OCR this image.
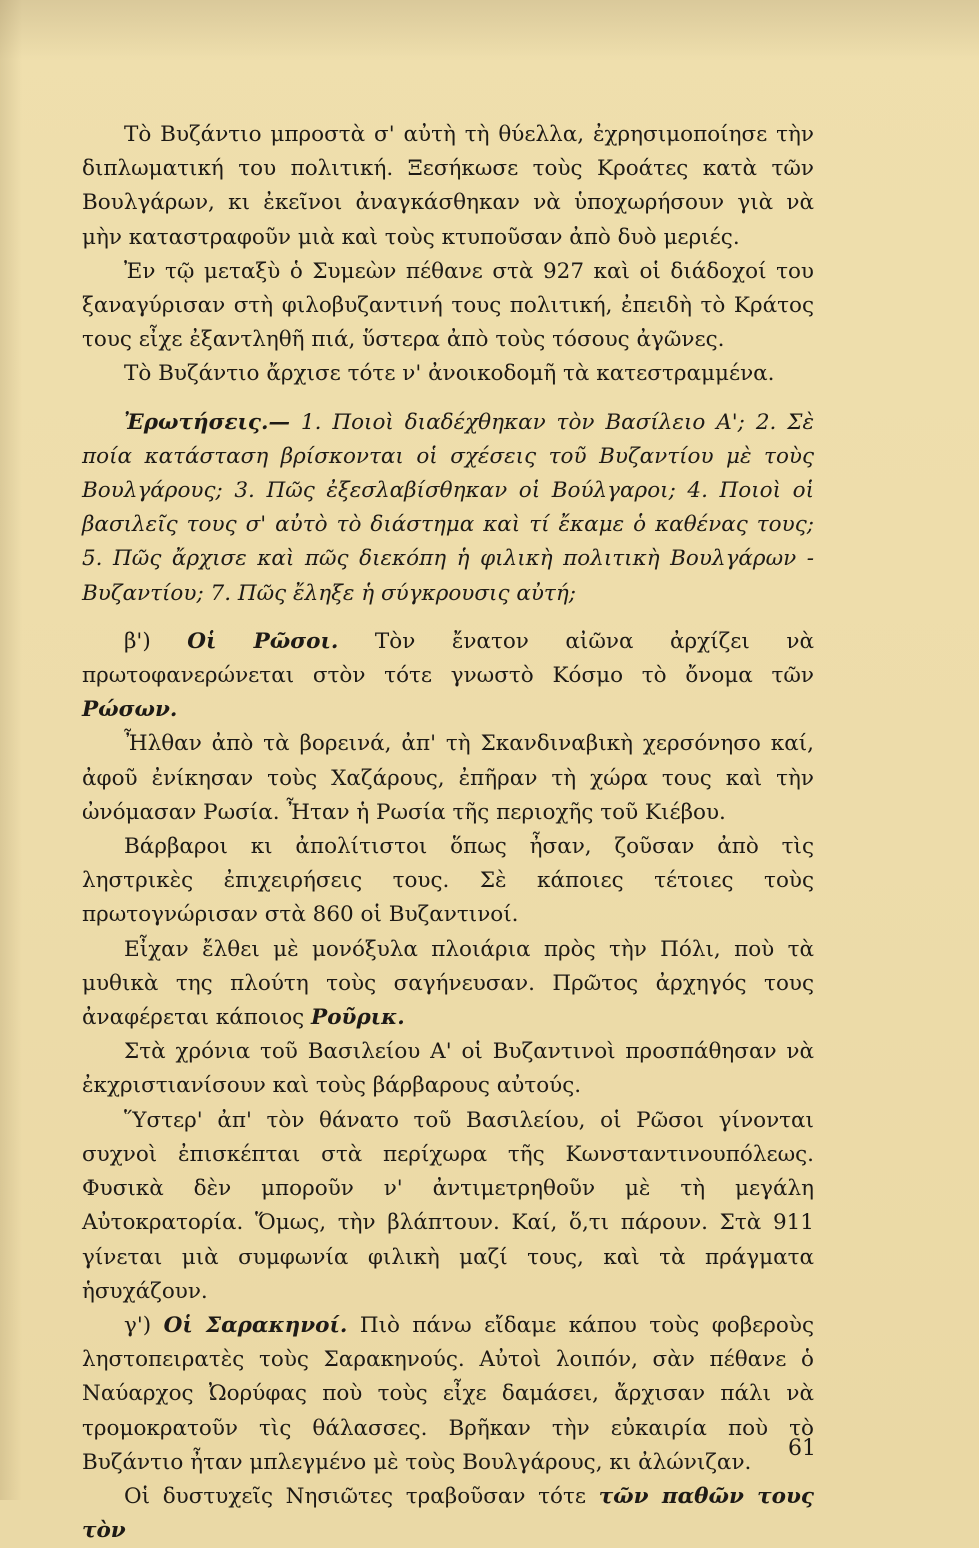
Τὸ Βυζάντιο μπροστὰ σ' αὐτὴ τὴ θύελλα, ἐχρησιμοποίησε τὴν διπλωματική του πολιτική. Ξεσήκωσε τοὺς Κροάτες κατὰ τῶν Βουλγάρων, κι ἐκεῖνοι ἀναγκάσθηκαν νὰ ὑποχωρήσουν γιὰ νὰ μὴν καταστραφοῦν μιὰ καὶ τοὺς κτυποῦσαν ἀπὸ δυὸ μεριές.

Ἐν τῷ μεταξὺ ὁ Συμεὼν πέθανε στὰ 927 καὶ οἱ διάδοχοί του ξαναγύρισαν στὴ φιλοβυζαντινή τους πολιτική, ἐπειδὴ τὸ Κράτος τους εἶχε ἐξαντληθῆ πιά, ὕστερα ἀπὸ τοὺς τόσους ἀγῶνες.

Τὸ Βυζάντιο ἄρχισε τότε ν' ἀνοικοδομῆ τὰ κατεστραμμένα.

Ἐρωτήσεις.— 1. Ποιοὶ διαδέχθηκαν τὸν Βασίλειο Α'; 2. Σὲ ποία κατάσταση βρίσκονται οἱ σχέσεις τοῦ Βυζαντίου μὲ τοὺς Βουλγάρους; 3. Πῶς ἐξεσλαβίσθηκαν οἱ Βούλγαροι; 4. Ποιοὶ οἱ βασιλεῖς τους σ' αὐτὸ τὸ διάστημα καὶ τί ἔκαμε ὁ καθένας τους; 5. Πῶς ἄρχισε καὶ πῶς διεκόπη ἡ φιλικὴ πολιτικὴ Βουλγάρων - Βυζαντίου; 7. Πῶς ἔληξε ἡ σύγκρουσις αὐτή;

β') Οἱ Ρῶσοι. Τὸν ἔνατον αἰῶνα ἀρχίζει νὰ πρωτοφανερώνεται στὸν τότε γνωστὸ Κόσμο τὸ ὄνομα τῶν Ρώσων.

Ἦλθαν ἀπὸ τὰ βορεινά, ἀπ' τὴ Σκανδιναβικὴ χερσόνησο καί, ἀφοῦ ἐνίκησαν τοὺς Χαζάρους, ἐπῆραν τὴ χώρα τους καὶ τὴν ὠνόμασαν Ρωσία. Ἦταν ἡ Ρωσία τῆς περιοχῆς τοῦ Κιέβου.

Βάρβαροι κι ἀπολίτιστοι ὅπως ἦσαν, ζοῦσαν ἀπὸ τὶς ληστρικὲς ἐπιχειρήσεις τους. Σὲ κάποιες τέτοιες τοὺς πρωτογνώρισαν στὰ 860 οἱ Βυζαντινοί.

Εἶχαν ἔλθει μὲ μονόξυλα πλοιάρια πρὸς τὴν Πόλι, ποὺ τὰ μυθικὰ της πλούτη τοὺς σαγήνευσαν. Πρῶτος ἀρχηγός τους ἀναφέρεται κάποιος Ροῦρικ.

Στὰ χρόνια τοῦ Βασιλείου Α' οἱ Βυζαντινοὶ προσπάθησαν νὰ ἐκχριστιανίσουν καὶ τοὺς βάρβαρους αὐτούς.

Ὕστερ' ἀπ' τὸν θάνατο τοῦ Βασιλείου, οἱ Ρῶσοι γίνονται συχνοὶ ἐπισκέπται στὰ περίχωρα τῆς Κωνσταντινουπόλεως. Φυσικὰ δὲν μποροῦν ν' ἀντιμετρηθοῦν μὲ τὴ μεγάλη Αὐτοκρατορία. Ὅμως, τὴν βλάπτουν. Καί, ὅ,τι πάρουν. Στὰ 911 γίνεται μιὰ συμφωνία φιλικὴ μαζί τους, καὶ τὰ πράγματα ἡσυχάζουν.

γ') Οἱ Σαρακηνοί. Πιὸ πάνω εἴδαμε κάπου τοὺς φοβεροὺς ληστοπειρατὲς τοὺς Σαρακηνούς. Αὐτοὶ λοιπόν, σὰν πέθανε ὁ Ναύαρχος Ὠορύφας ποὺ τοὺς εἶχε δαμάσει, ἄρχισαν πάλι νὰ τρομοκρατοῦν τὶς θάλασσες. Βρῆκαν τὴν εὐκαιρία ποὺ τὸ Βυζάντιο ἦταν μπλεγμένο μὲ τοὺς Βουλγάρους, κι ἀλώνιζαν.

Οἱ δυστυχεῖς Νησιῶτες τραβοῦσαν τότε τῶν παθῶν τους τὸν

61
